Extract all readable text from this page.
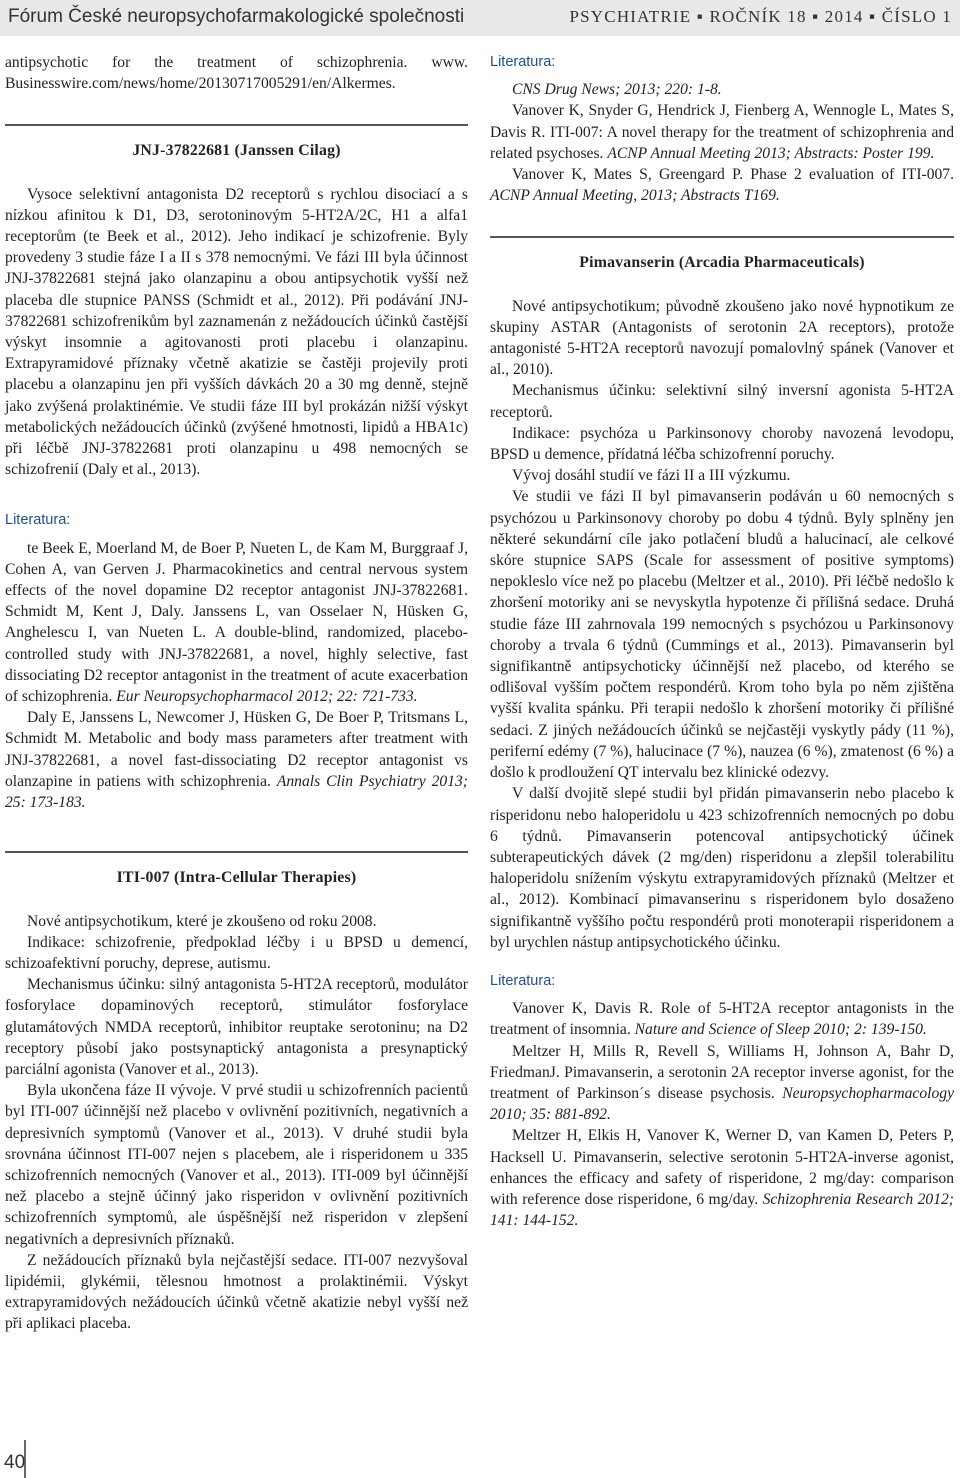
Fórum České neuropsychofarmakologické společnosti	PSYCHIATRIE ▪ ROČNÍK 18 ▪ 2014 ▪ ČÍSLO 1

antipsychotic for the treatment of schizophrenia. www. Businesswire.com/news/home/20130717005291/en/Alkermes.

JNJ-37822681 (Janssen Cilag)

Vysoce selektivní antagonista D2 receptorů s rychlou disociací a s nízkou afinitou k D1, D3, serotoninovým 5-HT2A/2C, H1 a alfa1 receptorům (te Beek et al., 2012). Jeho indikací je schizofrenie. Byly provedeny 3 studie fáze I a II s 378 nemocnými. Ve fázi III byla účinnost JNJ-37822681 stejná jako olanzapinu a obou antipsychotik vyšší než placeba dle stupnice PANSS (Schmidt et al., 2012). Při podávání JNJ-37822681 schizofrenikům byl zaznamenán z nežádoucích účinků častější výskyt insomnie a agitovanosti proti placebu i olanzapinu. Extrapyramidové příznaky včetně akatizie se častěji projevily proti placebu a olanzapinu jen při vyšších dávkách 20 a 30 mg denně, stejně jako zvýšená prolaktinémie. Ve studii fáze III byl prokázán nižší výskyt metabolických nežádoucích účinků (zvýšené hmotnosti, lipidů a HBA1c) při léčbě JNJ-37822681 proti olanzapinu u 498 nemocných se schizofrenií (Daly et al., 2013).

Literatura:

te Beek E, Moerland M, de Boer P, Nueten L, de Kam M, Burggraaf J, Cohen A, van Gerven J. Pharmacokinetics and central nervous system effects of the novel dopamine D2 receptor antagonist JNJ-37822681. Schmidt M, Kent J, Daly. Janssens L, van Osselaer N, Hüsken G, Anghelescu I, van Nueten L. A double-blind, randomized, placebo-controlled study with JNJ-37822681, a novel, highly selective, fast dissociating D2 receptor antagonist in the treatment of acute exacerbation of schizophrenia. Eur Neuropsychopharmacol 2012; 22: 721-733.

Daly E, Janssens L, Newcomer J, Hüsken G, De Boer P, Tritsmans L, Schmidt M. Metabolic and body mass parameters after treatment with JNJ-37822681, a novel fast-dissociating D2 receptor antagonist vs olanzapine in patiens with schizophrenia. Annals Clin Psychiatry 2013; 25: 173-183.

ITI-007 (Intra-Cellular Therapies)

Nové antipsychotikum, které je zkoušeno od roku 2008.

Indikace: schizofrenie, předpoklad léčby i u BPSD u demencí, schizoafektivní poruchy, deprese, autismu.

Mechanismus účinku: silný antagonista 5-HT2A receptorů, modulátor fosforylace dopaminových receptorů, stimulátor fosforylace glutamátových NMDA receptorů, inhibitor reuptake serotoninu; na D2 receptory působí jako postsynaptický antagonista a presynaptický parciální agonista (Vanover et al., 2013).

Byla ukončena fáze II vývoje. V prvé studii u schizofrenních pacientů byl ITI-007 účinnější než placebo v ovlivnění pozitivních, negativních a depresivních symptomů (Vanover et al., 2013). V druhé studii byla srovnána účinnost ITI-007 nejen s placebem, ale i risperidonem u 335 schizofrenních nemocných (Vanover et al., 2013). ITI-009 byl účinnější než placebo a stejně účinný jako risperidon v ovlivnění pozitivních schizofrenních symptomů, ale úspěšnější než risperidon v zlepšení negativních a depresivních příznaků.

Z nežádoucích příznaků byla nejčastější sedace. ITI-007 nezvyšoval lipidémii, glykémii, tělesnou hmotnost a prolaktinémii. Výskyt extrapyramidových nežádoucích účinků včetně akatizie nebyl vyšší než při aplikaci placeba.

Literatura:

CNS Drug News; 2013; 220: 1-8.

Vanover K, Snyder G, Hendrick J, Fienberg A, Wennogle L, Mates S, Davis R. ITI-007: A novel therapy for the treatment of schizophrenia and related psychoses. ACNP Annual Meeting 2013; Abstracts: Poster 199.

Vanover K, Mates S, Greengard P. Phase 2 evaluation of ITI-007. ACNP Annual Meeting, 2013; Abstracts T169.

Pimavanserin (Arcadia Pharmaceuticals)

Nové antipsychotikum; původně zkoušeno jako nové hypnotikum ze skupiny ASTAR (Antagonists of serotonin 2A receptors), protože antagonisté 5-HT2A receptorů navozují pomalovlný spánek (Vanover et al., 2010).

Mechanismus účinku: selektivní silný inversní agonista 5-HT2A receptorů.

Indikace: psychóza u Parkinsonovy choroby navozená levodopu, BPSD u demence, přídatná léčba schizofrenní poruchy.

Vývoj dosáhl studií ve fázi II a III výzkumu.

Ve studii ve fázi II byl pimavanserin podáván u 60 nemocných s psychózou u Parkinsonovy choroby po dobu 4 týdnů. Byly splněny jen některé sekundární cíle jako potlačení bludů a halucinací, ale celkové skóre stupnice SAPS (Scale for assessment of positive symptoms) nepokleslo více než po placebu (Meltzer et al., 2010). Při léčbě nedošlo k zhoršení motoriky ani se nevyskytla hypotenze či přílišná sedace. Druhá studie fáze III zahrnovala 199 nemocných s psychózou u Parkinsonovy choroby a trvala 6 týdnů (Cummings et al., 2013). Pimavanserin byl signifikantně antipsychoticky účinnější než placebo, od kterého se odlišoval vyšším počtem respondérů. Krom toho byla po něm zjištěna vyšší kvalita spánku. Při terapii nedošlo k zhoršení motoriky či přílišné sedaci. Z jiných nežádoucích účinků se nejčastěji vyskytly pády (11 %), periferní edémy (7 %), halucinace (7 %), nauzea (6 %), zmatenost (6 %) a došlo k prodloužení QT intervalu bez klinické odezvy.

V další dvojitě slepé studii byl přidán pimavanserin nebo placebo k risperidonu nebo haloperidolu u 423 schizofrenních nemocných po dobu 6 týdnů. Pimavanserin potencoval antipsychotický účinek subterapeutických dávek (2 mg/den) risperidonu a zlepšil tolerabilitu haloperidolu snížením výskytu extrapyramidových příznaků (Meltzer et al., 2012). Kombinací pimavanserinu s risperidonem bylo dosaženo signifikantně vyššího počtu respondérů proti monoterapii risperidonem a byl urychlen nástup antipsychotického účinku.

Literatura:

Vanover K, Davis R. Role of 5-HT2A receptor antagonists in the treatment of insomnia. Nature and Science of Sleep 2010; 2: 139-150.

Meltzer H, Mills R, Revell S, Williams H, Johnson A, Bahr D, FriedmanJ. Pimavanserin, a serotonin 2A receptor inverse agonist, for the treatment of Parkinson´s disease psychosis. Neuropsychopharmacology 2010; 35: 881-892.

Meltzer H, Elkis H, Vanover K, Werner D, van Kamen D, Peters P, Hacksell U. Pimavanserin, selective serotonin 5-HT2A-inverse agonist, enhances the efficacy and safety of risperidone, 2 mg/day: comparison with reference dose risperidone, 6 mg/day. Schizophrenia Research 2012; 141: 144-152.

40
